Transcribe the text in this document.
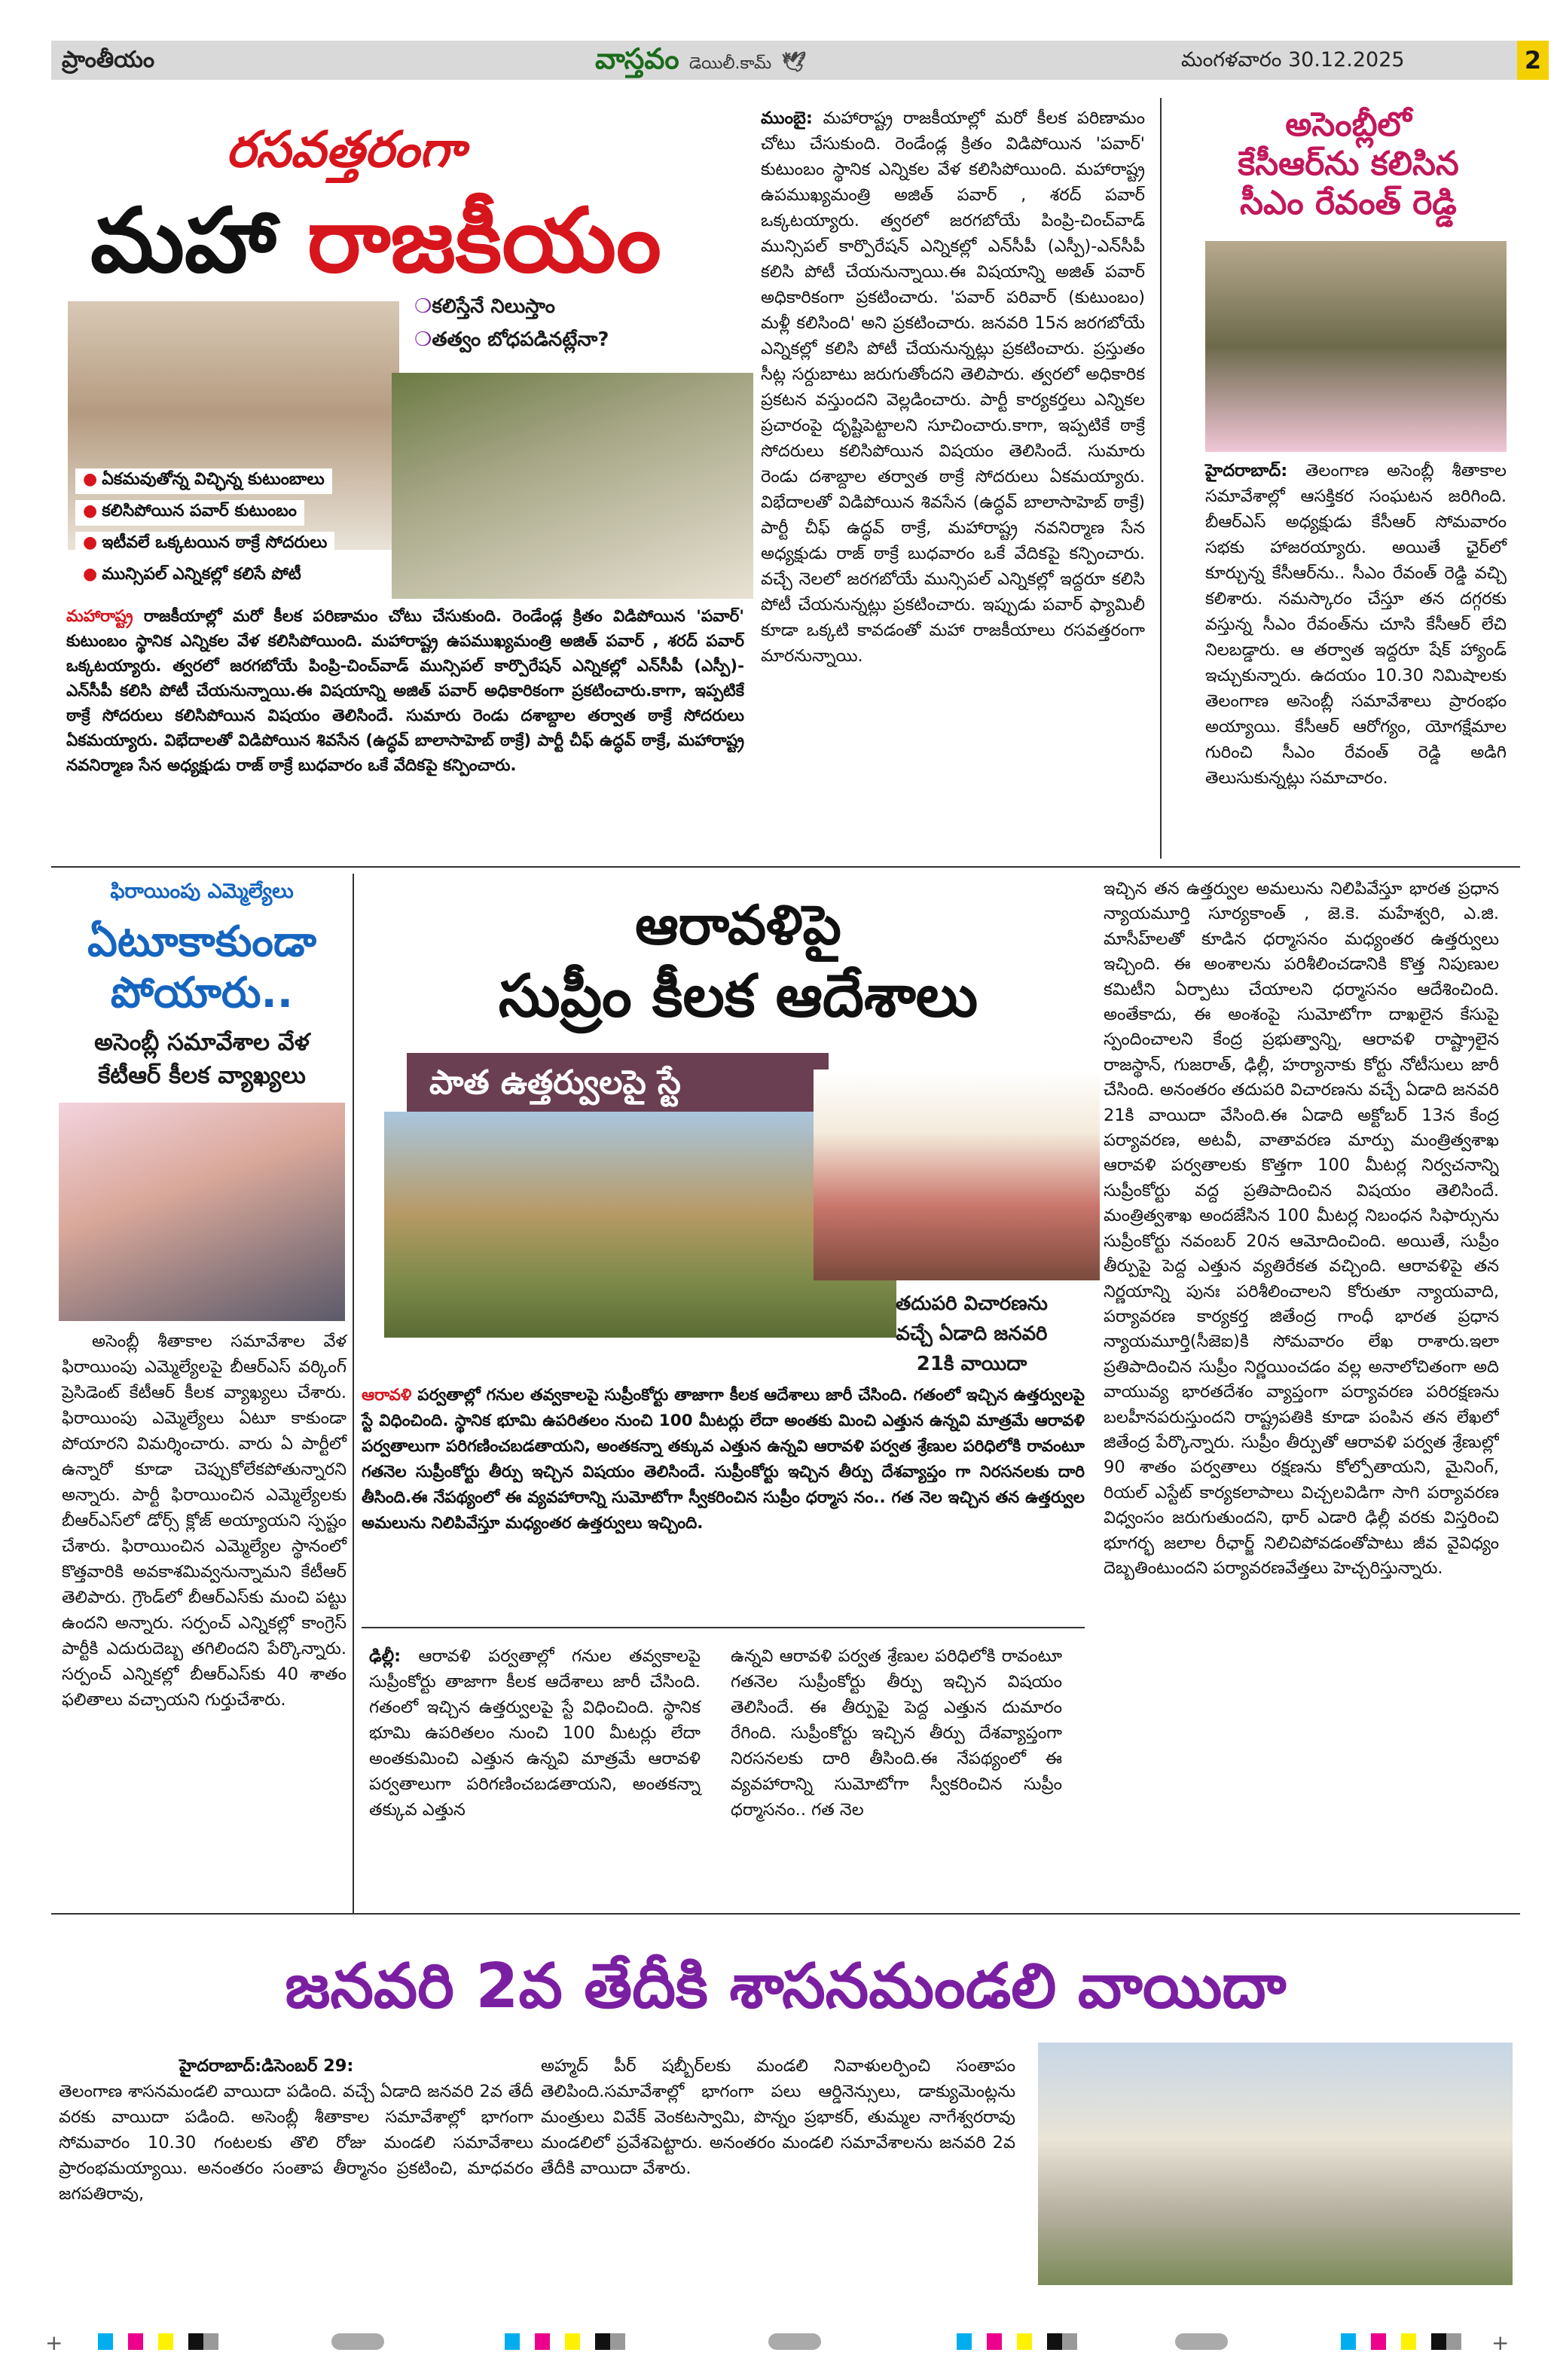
ప్రాంతీయం	వాస్తవం డెయిలీ.కామ్ 🕊	మంగళవారం 30.12.2025	2
రసవత్తరంగా
మహా రాజకీయం
❍కలిస్తేనే నిలుస్తాం
❍తత్వం బోధపడినట్లేనా?
● ఏకమవుతోన్న విచ్ఛిన్న కుటుంబాలు
● కలిసిపోయిన పవార్ కుటుంబం
● ఇటీవలే ఒక్కటయిన ఠాక్రే సోదరులు
● మున్సిపల్ ఎన్నికల్లో కలిసే పోటీ

మహారాష్ట్ర రాజకీయాల్లో మరో కీలక పరిణామం చోటు చేసుకుంది. రెండేండ్ల క్రితం విడిపోయిన 'పవార్' కుటుంబం స్థానిక ఎన్నికల వేళ కలిసిపోయింది. మహారాష్ట్ర ఉపముఖ్యమంత్రి అజిత్ పవార్ , శరద్ పవార్ ఒక్కటయ్యారు. త్వరలో జరగబోయే పింప్రి-చించ్‌వాడ్ మున్సిపల్ కార్పొరేషన్ ఎన్నికల్లో ఎన్‌సీపీ (ఎస్పీ)-ఎన్‌సీపీ కలిసి పోటీ చేయనున్నాయి.ఈ విషయాన్ని అజిత్ పవార్ అధికారికంగా ప్రకటించారు.కాగా, ఇప్పటికే ఠాక్రే సోదరులు కలిసిపోయిన విషయం తెలిసిందే. సుమారు రెండు దశాబ్దాల తర్వాత ఠాక్రే సోదరులు ఏకమయ్యారు. విభేదాలతో విడిపోయిన శివసేన (ఉద్ధవ్ బాలాసాహెబ్ ఠాక్రే) పార్టీ చీఫ్ ఉద్ధవ్ ఠాక్రే, మహారాష్ట్ర నవనిర్మాణ సేన అధ్యక్షుడు రాజ్ ఠాక్రే బుధవారం ఒకే వేదికపై కన్పించారు.

ముంబై: మహారాష్ట్ర రాజకీయాల్లో మరో కీలక పరిణామం చోటు చేసుకుంది. రెండేండ్ల క్రితం విడిపోయిన 'పవార్' కుటుంబం స్థానిక ఎన్నికల వేళ కలిసిపోయింది. మహారాష్ట్ర ఉపముఖ్యమంత్రి అజిత్ పవార్ , శరద్ పవార్ ఒక్కటయ్యారు. త్వరలో జరగబోయే పింప్రి-చించ్‌వాడ్ మున్సిపల్ కార్పొరేషన్ ఎన్నికల్లో ఎన్‌సీపీ (ఎస్పీ)-ఎన్‌సీపీ కలిసి పోటీ చేయనున్నాయి.ఈ విషయాన్ని అజిత్ పవార్ అధికారికంగా ప్రకటించారు. 'పవార్ పరివార్ (కుటుంబం) మళ్లీ కలిసింది' అని ప్రకటించారు. జనవరి 15న జరగబోయే ఎన్నికల్లో కలిసి పోటీ చేయనున్నట్లు ప్రకటించారు. ప్రస్తుతం సీట్ల సర్దుబాటు జరుగుతోందని తెలిపారు. త్వరలో అధికారిక ప్రకటన వస్తుందని వెల్లడించారు. పార్టీ కార్యకర్తలు ఎన్నికల ప్రచారంపై దృష్టిపెట్టాలని సూచించారు.కాగా, ఇప్పటికే ఠాక్రే సోదరులు కలిసిపోయిన విషయం తెలిసిందే. సుమారు రెండు దశాబ్దాల తర్వాత ఠాక్రే సోదరులు ఏకమయ్యారు. విభేదాలతో విడిపోయిన శివసేన (ఉద్ధవ్ బాలాసాహెబ్ ఠాక్రే) పార్టీ చీఫ్ ఉద్ధవ్ ఠాక్రే, మహారాష్ట్ర నవనిర్మాణ సేన అధ్యక్షుడు రాజ్ ఠాక్రే బుధవారం ఒకే వేదికపై కన్పించారు. వచ్చే నెలలో జరగబోయే మున్సిపల్ ఎన్నికల్లో ఇద్దరూ కలిసి పోటీ చేయనున్నట్లు ప్రకటించారు. ఇప్పుడు పవార్ ఫ్యామిలీ కూడా ఒక్కటి కావడంతో మహా రాజకీయాలు రసవత్తరంగా మారనున్నాయి.

అసెంబ్లీలో
కేసీఆర్‌ను కలిసిన
సీఎం రేవంత్ రెడ్డి

హైదరాబాద్: తెలంగాణ అసెంబ్లీ శీతాకాల సమావేశాల్లో ఆసక్తికర సంఘటన జరిగింది. బీఆర్ఎస్ అధ్యక్షుడు కేసీఆర్ సోమవారం సభకు హాజరయ్యారు. అయితే ఛైర్‌లో కూర్చున్న కేసీఆర్‌ను.. సీఎం రేవంత్ రెడ్డి వచ్చి కలిశారు. నమస్కారం చేస్తూ తన దగ్గరకు వస్తున్న సీఎం రేవంత్‌ను చూసి కేసీఆర్ లేచి నిలబడ్డారు. ఆ తర్వాత ఇద్దరూ షేక్ హ్యాండ్ ఇచ్చుకున్నారు. ఉదయం 10.30 నిమిషాలకు తెలంగాణ అసెంబ్లీ సమావేశాలు ప్రారంభం అయ్యాయి. కేసీఆర్ ఆరోగ్యం, యోగక్షేమాల గురించి సీఎం రేవంత్ రెడ్డి అడిగి తెలుసుకున్నట్లు సమాచారం.

ఫిరాయింపు ఎమ్మెల్యేలు
ఏటూకాకుండా
పోయారు..
అసెంబ్లీ సమావేశాల వేళ
కేటీఆర్ కీలక వ్యాఖ్యలు

అసెంబ్లీ శీతాకాల సమావేశాల వేళ ఫిరాయింపు ఎమ్మెల్యేలపై బీఆర్ఎస్ వర్కింగ్ ప్రెసిడెంట్ కేటీఆర్ కీలక వ్యాఖ్యలు చేశారు. ఫిరాయింపు ఎమ్మెల్యేలు ఏటూ కాకుండా పోయారని విమర్శించారు. వారు ఏ పార్టీలో ఉన్నారో కూడా చెప్పుకోలేకపోతున్నారని అన్నారు. పార్టీ ఫిరాయించిన ఎమ్మెల్యేలకు బీఆర్ఎస్‌లో డోర్స్ క్లోజ్ అయ్యాయని స్పష్టం చేశారు. ఫిరాయించిన ఎమ్మెల్యేల స్థానంలో కొత్తవారికి అవకాశమివ్వనున్నామని కేటీఆర్ తెలిపారు. గ్రౌండ్‌లో బీఆర్ఎస్‌కు మంచి పట్టు ఉందని అన్నారు. సర్పంచ్ ఎన్నికల్లో కాంగ్రెస్ పార్టీకి ఎదురుదెబ్బ తగిలిందని పేర్కొన్నారు. సర్పంచ్ ఎన్నికల్లో బీఆర్ఎస్‌కు 40 శాతం ఫలితాలు వచ్చాయని గుర్తుచేశారు.

ఆరావళిపై
సుప్రీం కీలక ఆదేశాలు
పాత ఉత్తర్వులపై స్టే
తదుపరి విచారణను
వచ్చే ఏడాది జనవరి
21కి వాయిదా

ఆరావళి పర్వతాల్లో గనుల తవ్వకాలపై సుప్రీంకోర్టు తాజాగా కీలక ఆదేశాలు జారీ చేసింది. గతంలో ఇచ్చిన ఉత్తర్వులపై స్టే విధించింది. స్థానిక భూమి ఉపరితలం నుంచి 100 మీటర్లు లేదా అంతకు మించి ఎత్తున ఉన్నవి మాత్రమే ఆరావళి పర్వతాలుగా పరిగణించబడతాయని, అంతకన్నా తక్కువ ఎత్తున ఉన్నవి ఆరావళి పర్వత శ్రేణుల పరిధిలోకి రావంటూ గతనెల సుప్రీంకోర్టు తీర్పు ఇచ్చిన విషయం తెలిసిందే. సుప్రీంకోర్టు ఇచ్చిన తీర్పు దేశవ్యాప్తం గా నిరసనలకు దారి తీసింది.ఈ నేపథ్యంలో ఈ వ్యవహారాన్ని సుమోటోగా స్వీకరించిన సుప్రీం ధర్మాస నం.. గత నెల ఇచ్చిన తన ఉత్తర్వుల అమలును నిలిపివేస్తూ మధ్యంతర ఉత్తర్వులు ఇచ్చింది.

ఢిల్లీ: ఆరావళి పర్వతాల్లో గనుల తవ్వకాలపై సుప్రీంకోర్టు తాజాగా కీలక ఆదేశాలు జారీ చేసింది. గతంలో ఇచ్చిన ఉత్తర్వులపై స్టే విధించింది. స్థానిక భూమి ఉపరితలం నుంచి 100 మీటర్లు లేదా అంతకుమించి ఎత్తున ఉన్నవి మాత్రమే ఆరావళి పర్వతాలుగా పరిగణించబడతాయని, అంతకన్నా తక్కువ ఎత్తున

ఉన్నవి ఆరావళి పర్వత శ్రేణుల పరిధిలోకి రావంటూ గతనెల సుప్రీంకోర్టు తీర్పు ఇచ్చిన విషయం తెలిసిందే. ఈ తీర్పుపై పెద్ద ఎత్తున దుమారం రేగింది. సుప్రీంకోర్టు ఇచ్చిన తీర్పు దేశవ్యాప్తంగా నిరసనలకు దారి తీసింది.ఈ నేపథ్యంలో ఈ వ్యవహారాన్ని సుమోటోగా స్వీకరించిన సుప్రీం ధర్మాసనం.. గత నెల

ఇచ్చిన తన ఉత్తర్వుల అమలును నిలిపివేస్తూ భారత ప్రధాన న్యాయమూర్తి సూర్యకాంత్ , జె.కె. మహేశ్వరి, ఎ.జి. మాసీహ్‌లతో కూడిన ధర్మాసనం మధ్యంతర ఉత్తర్వులు ఇచ్చింది. ఈ అంశాలను పరిశీలించడానికి కొత్త నిపుణుల కమిటీని ఏర్పాటు చేయాలని ధర్మాసనం ఆదేశించింది. అంతేకాదు, ఈ అంశంపై సుమోటోగా దాఖలైన కేసుపై స్పందించాలని కేంద్ర ప్రభుత్వాన్ని, ఆరావళి రాష్ట్రాలైన రాజస్థాన్, గుజరాత్, ఢిల్లీ, హర్యానాకు కోర్టు నోటీసులు జారీ చేసింది. అనంతరం తదుపరి విచారణను వచ్చే ఏడాది జనవరి 21కి వాయిదా వేసింది.ఈ ఏడాది అక్టోబర్ 13న కేంద్ర పర్యావరణ, అటవీ, వాతావరణ మార్పు మంత్రిత్వశాఖ ఆరావళి పర్వతాలకు కొత్తగా 100 మీటర్ల నిర్వచనాన్ని సుప్రీంకోర్టు వద్ద ప్రతిపాదించిన విషయం తెలిసిందే. మంత్రిత్వశాఖ అందజేసిన 100 మీటర్ల నిబంధన సిఫార్సును సుప్రీంకోర్టు నవంబర్ 20న ఆమోదించింది. అయితే, సుప్రీం తీర్పుపై పెద్ద ఎత్తున వ్యతిరేకత వచ్చింది. ఆరావళిపై తన నిర్ణయాన్ని పునః పరిశీలించాలని కోరుతూ న్యాయవాది, పర్యావరణ కార్యకర్త జితేంద్ర గాంధీ భారత ప్రధాన న్యాయమూర్తి(సీజెఐ)కి సోమవారం లేఖ రాశారు.ఇలా ప్రతిపాదించిన సుప్రీం నిర్ణయించడం వల్ల అనాలోచితంగా అది వాయువ్య భారతదేశం వ్యాప్తంగా పర్యావరణ పరిరక్షణను బలహీనపరుస్తుందని రాష్ట్రపతికి కూడా పంపిన తన లేఖలో జితేంద్ర పేర్కొన్నారు. సుప్రీం తీర్పుతో ఆరావళి పర్వత శ్రేణుల్లో 90 శాతం పర్వతాలు రక్షణను కోల్పోతాయని, మైనింగ్, రియల్ ఎస్టేట్ కార్యకలాపాలు విచ్చలవిడిగా సాగి పర్యావరణ విధ్వంసం జరుగుతుందని, థార్ ఎడారి ఢిల్లీ వరకు విస్తరించి భూగర్భ జలాల రీఛార్జ్ నిలిచిపోవడంతోపాటు జీవ వైవిధ్యం దెబ్బతింటుందని పర్యావరణవేత్తలు హెచ్చరిస్తున్నారు.

జనవరి 2వ తేదీకి శాసనమండలి వాయిదా

హైదరాబాద్:డిసెంబర్ 29:
తెలంగాణ శాసనమండలి వాయిదా పడింది. వచ్చే ఏడాది జనవరి 2వ తేదీ వరకు వాయిదా పడింది. అసెంబ్లీ శీతాకాల సమావేశాల్లో భాగంగా సోమవారం 10.30 గంటలకు తొలి రోజు మండలి సమావేశాలు ప్రారంభమయ్యాయి. అనంతరం సంతాప తీర్మానం ప్రకటించి, మాధవరం జగపతిరావు,

అహ్మద్ పీర్ షబ్బీర్‌లకు మండలి నివాళులర్పించి సంతాపం తెలిపింది.సమావేశాల్లో భాగంగా పలు ఆర్డినెన్సులు, డాక్యుమెంట్లను మంత్రులు వివేక్ వెంకటస్వామి, పొన్నం ప్రభాకర్, తుమ్మల నాగేశ్వరరావు మండలిలో ప్రవేశపెట్టారు. అనంతరం మండలి సమావేశాలను జనవరి 2వ తేదీకి వాయిదా వేశారు.

+	+
